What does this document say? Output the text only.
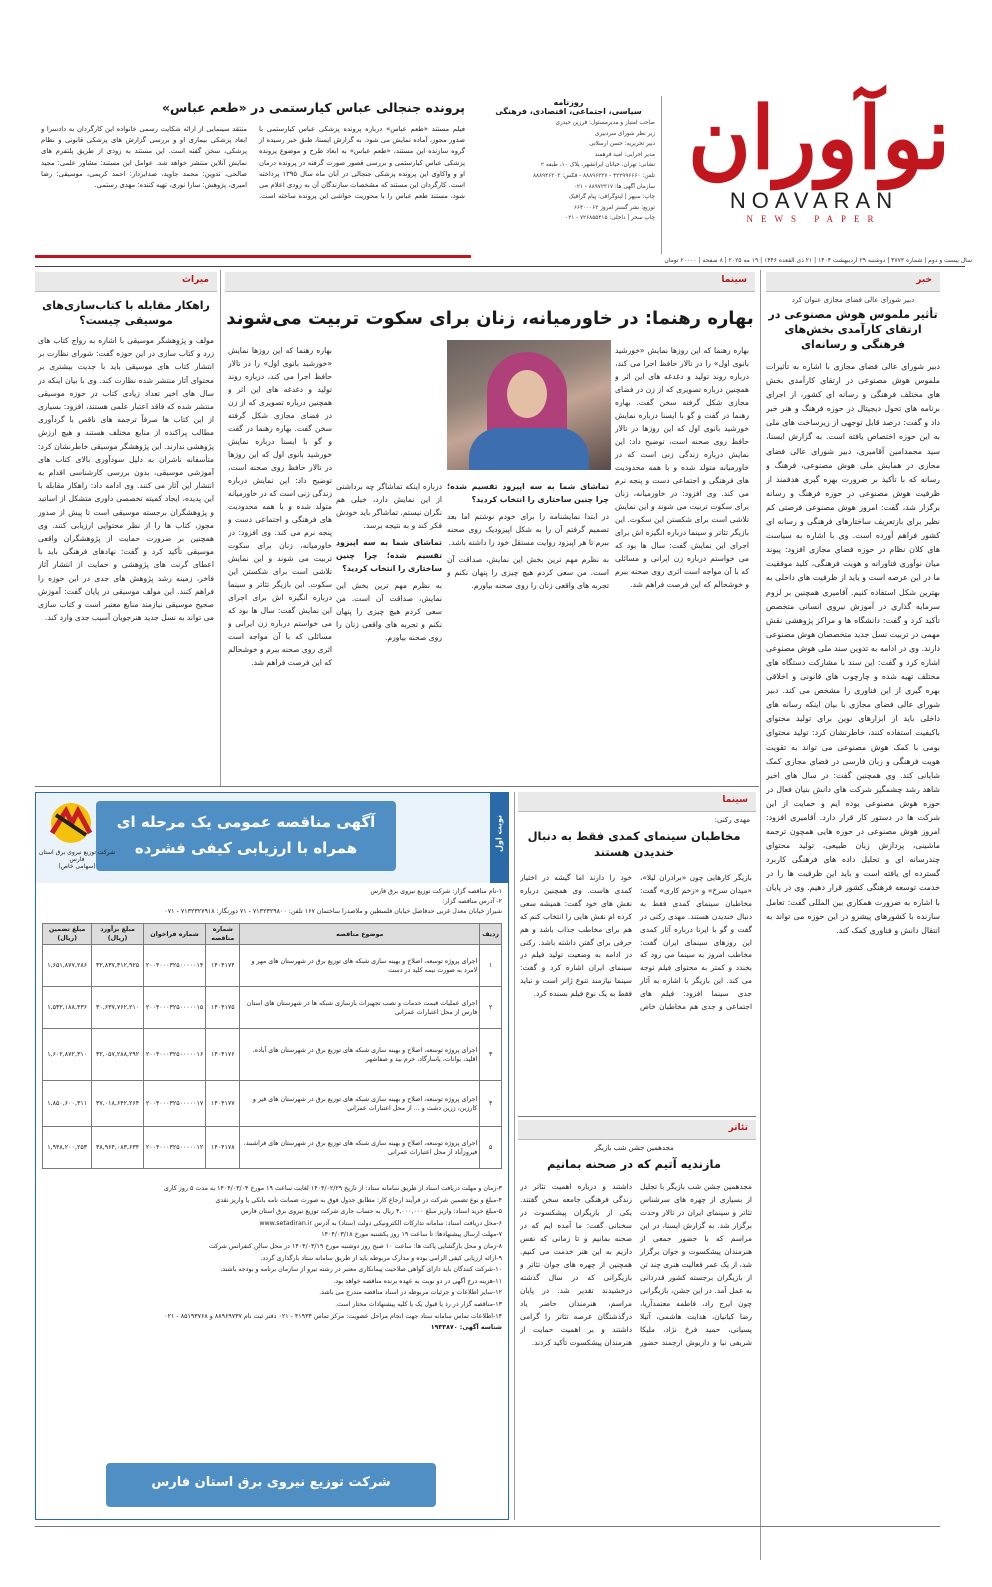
نوآوران
NOAVARAN
NEWS PAPER
روزنامه
سیاسی، اجتماعی، اقتصادی، فرهنگی
صاحب امتیاز و مدیرمسئول: فرزین حیدری
زیر نظر شورای سردبیری
دبیر تحریریه: حسن ارسلانی
مدیر اجرایی: امید فرهمند
نشانی: تهران، خیابان ایرانشهر، پلاک ۱۰، طبقه ۲
تلفن: ۴۲۲۹۹۶۶۶۰ - ۸۸۸۹۶۳۲۷ - فکس: ۸۸۸۹۴۶۳۰۳
سازمان آگهی ها: ۸۸۹۷۲۳۱۷ - ۰۲۱
چاپ: سپهر | لیتوگرافی: پیام گرافیک
توزیع: نشر گستر امروز ۶۶۴۰۰۰۶۳
چاپ سحر | داخلی: ۷۲۶۸۵۵۴۱۵ - ۰۲۱
پرونده جنجالی عباس کیارستمی در «طعم عباس»
فیلم مستند «طعم عباس» درباره پرونده پزشکی عباس کیارستمی با صدور مجوز، آماده نمایش می شود. به گزارش ایسنا، طبق خبر رسیده از گروه سازنده این مستند، «طعم عباس» به ابعاد طرح و موضوع پرونده پزشکی عباس کیارستمی و بررسی قصور صورت گرفته در پرونده درمان او و واکاوی این پرونده پزشکی جنجالی در آبان ماه سال ۱۳۹۵ پرداخته است. کارگردان این مستند که مشخصات سازندگان آن به زودی اعلام می شود، مستند طعم عباس را با محوریت حواشی این پرونده ساخته است. منتقد سینمایی از ارائه شکایت رسمی خانواده این کارگردان به دادسرا و ابعاد پزشکی بیماری او و بررسی گزارش های پزشکی قانونی و نظام پزشکی، سخن گفته است. این مستند به زودی از طریق پلتفرم های نمایش آنلاین منتشر خواهد شد. عوامل این مستند: مشاور علمی: مجید صالحی، تدوین: محمد جاوید، صدابردار: احمد کریمی، موسیقی: رضا امیری، پژوهش: سارا نوری، تهیه کننده: مهدی رستمی.
سال بیست و دوم | شماره ۴۷۷۳ | دوشنبه ۲۹ اردیبهشت ۱۴۰۴ | ۲۱ ذی القعده ۱۴۴۶ | ۱۹ مه ۲۰۲۵ | ۸ صفحه | ۲۰۰۰۰ تومان
خبر
دبیر شورای عالی فضای مجازی عنوان کرد
تأثیر ملموس هوش مصنوعی در ارتقای کارآمدی بخش‌های فرهنگی و رسانه‌ای
دبیر شورای عالی فضای مجازی با اشاره به تأثیرات ملموس هوش مصنوعی در ارتقای کارآمدی بخش های مختلف فرهنگی و رسانه ای کشور، از اجرای برنامه های تحول دیجیتال در حوزه فرهنگ و هنر خبر داد و گفت: درصد قابل توجهی از زیرساخت های ملی به این حوزه اختصاص یافته است. به گزارش ایسنا، سید محمدامین آقامیری، دبیر شورای عالی فضای مجازی در همایش ملی هوش مصنوعی، فرهنگ و رسانه که با تأکید بر ضرورت بهره گیری هدفمند از ظرفیت هوش مصنوعی در حوزه فرهنگ و رسانه برگزار شد، گفت: امروز هوش مصنوعی فرصتی کم نظیر برای بازتعریف ساختارهای فرهنگی و رسانه ای کشور فراهم آورده است. وی با اشاره به سیاست های کلان نظام در حوزه فضای مجازی افزود: پیوند میان نوآوری فناورانه و هویت فرهنگی، کلید موفقیت ما در این عرصه است و باید از ظرفیت های داخلی به بهترین شکل استفاده کنیم. آقامیری همچنین بر لزوم سرمایه گذاری در آموزش نیروی انسانی متخصص تأکید کرد و گفت: دانشگاه ها و مراکز پژوهشی نقش مهمی در تربیت نسل جدید متخصصان هوش مصنوعی دارند. وی در ادامه به تدوین سند ملی هوش مصنوعی اشاره کرد و گفت: این سند با مشارکت دستگاه های مختلف تهیه شده و چارچوب های قانونی و اخلاقی بهره گیری از این فناوری را مشخص می کند. دبیر شورای عالی فضای مجازی با بیان اینکه رسانه های داخلی باید از ابزارهای نوین برای تولید محتوای باکیفیت استفاده کنند، خاطرنشان کرد: تولید محتوای بومی با کمک هوش مصنوعی می تواند به تقویت هویت فرهنگی و زبان فارسی در فضای مجازی کمک شایانی کند. وی همچنین گفت: در سال های اخیر شاهد رشد چشمگیر شرکت های دانش بنیان فعال در حوزه هوش مصنوعی بوده ایم و حمایت از این شرکت ها در دستور کار قرار دارد. آقامیری افزود: امروز هوش مصنوعی در حوزه هایی همچون ترجمه ماشینی، پردازش زبان طبیعی، تولید محتوای چندرسانه ای و تحلیل داده های فرهنگی کاربرد گسترده ای یافته است و باید این ظرفیت ها را در خدمت توسعه فرهنگی کشور قرار دهیم. وی در پایان با اشاره به ضرورت همکاری بین المللی گفت: تعامل سازنده با کشورهای پیشرو در این حوزه می تواند به انتقال دانش و فناوری کمک کند.
سینما
بهاره رهنما: در خاورمیانه، زنان برای سکوت تربیت می‌شوند
بهاره رهنما که این روزها نمایش «خورشید بانوی اول» را در تالار حافظ اجرا می کند، درباره روند تولید و دغدغه های این اثر و همچنین درباره تصویری که از زن در فضای مجازی شکل گرفته سخن گفت. بهاره رهنما در گفت و گو با ایسنا درباره نمایش خورشید بانوی اول که این روزها در تالار حافظ روی صحنه است، توضیح داد: این نمایش درباره زندگی زنی است که در خاورمیانه متولد شده و با همه محدودیت های فرهنگی و اجتماعی دست و پنجه نرم می کند. وی افزود: در خاورمیانه، زنان برای سکوت تربیت می شوند و این نمایش تلاشی است برای شکستن این سکوت. این بازیگر تئاتر و سینما درباره انگیزه اش برای اجرای این نمایش گفت: سال ها بود که می خواستم درباره زن ایرانی و مسائلی که با آن مواجه است اثری روی صحنه ببرم و خوشحالم که این فرصت فراهم شد.
تماشای شما به سه اپیزود تقسیم شده؛ چرا چنین ساختاری را انتخاب کردید؟
در ابتدا نمایشنامه را برای خودم نوشتم اما بعد تصمیم گرفتم آن را به شکل اپیزودیک روی صحنه ببرم تا هر اپیزود روایت مستقل خود را داشته باشد.
به نظرم مهم ترین بخش این نمایش، صداقت آن است. من سعی کردم هیچ چیزی را پنهان نکنم و تجربه های واقعی زنان را روی صحنه بیاورم.
درباره اینکه تماشاگر چه برداشتی از این نمایش دارد، خیلی هم نگران نیستم. تماشاگر باید خودش فکر کند و به نتیجه برسد.
تماشای شما به سه اپیزود تقسیم شده؛ چرا چنین ساختاری را انتخاب کردید؟
به نظرم مهم ترین بخش این نمایش، صداقت آن است. من سعی کردم هیچ چیزی را پنهان نکنم و تجربه های واقعی زنان را روی صحنه بیاورم.
بهاره رهنما که این روزها نمایش «خورشید بانوی اول» را در تالار حافظ اجرا می کند، درباره روند تولید و دغدغه های این اثر و همچنین درباره تصویری که از زن در فضای مجازی شکل گرفته سخن گفت. بهاره رهنما در گفت و گو با ایسنا درباره نمایش خورشید بانوی اول که این روزها در تالار حافظ روی صحنه است، توضیح داد: این نمایش درباره زندگی زنی است که در خاورمیانه متولد شده و با همه محدودیت های فرهنگی و اجتماعی دست و پنجه نرم می کند. وی افزود: در خاورمیانه، زنان برای سکوت تربیت می شوند و این نمایش تلاشی است برای شکستن این سکوت. این بازیگر تئاتر و سینما درباره انگیزه اش برای اجرای این نمایش گفت: سال ها بود که می خواستم درباره زن ایرانی و مسائلی که با آن مواجه است اثری روی صحنه ببرم و خوشحالم که این فرصت فراهم شد.
میراث
راهکار مقابله با کتاب‌سازی‌های موسیقی چیست؟
مولف و پژوهشگر موسیقی با اشاره به رواج کتاب های زرد و کتاب سازی در این حوزه گفت: شورای نظارت بر انتشار کتاب های موسیقی باید با جدیت بیشتری بر محتوای آثار منتشر شده نظارت کند. وی با بیان اینکه در سال های اخیر تعداد زیادی کتاب در حوزه موسیقی منتشر شده که فاقد اعتبار علمی هستند، افزود: بسیاری از این کتاب ها صرفاً ترجمه های ناقص یا گردآوری مطالب پراکنده از منابع مختلف هستند و هیچ ارزش پژوهشی ندارند. این پژوهشگر موسیقی خاطرنشان کرد: متأسفانه ناشران به دلیل سودآوری بالای کتاب های آموزشی موسیقی، بدون بررسی کارشناسی اقدام به انتشار این آثار می کنند. وی ادامه داد: راهکار مقابله با این پدیده، ایجاد کمیته تخصصی داوری متشکل از اساتید و پژوهشگران برجسته موسیقی است تا پیش از صدور مجوز، کتاب ها را از نظر محتوایی ارزیابی کنند. وی همچنین بر ضرورت حمایت از پژوهشگران واقعی موسیقی تأکید کرد و گفت: نهادهای فرهنگی باید با اعطای گرنت های پژوهشی و حمایت از انتشار آثار فاخر، زمینه رشد پژوهش های جدی در این حوزه را فراهم کنند. این مولف موسیقی در پایان گفت: آموزش صحیح موسیقی نیازمند منابع معتبر است و کتاب سازی می تواند به نسل جدید هنرجویان آسیب جدی وارد کند.
نوبت اول
آگهی مناقصه عمومی یک مرحله ای همراه با ارزیابی کیفی فشرده
شرکت توزیع نیروی برق استان فارس
(سهامی خاص)
۱-نام مناقصه گزار: شرکت توزیع نیروی برق فارس
۲- آدرس مناقصه گزار:
شیراز خیابان معدل غربی حدفاصل خیابان فلسطین و ملاصدرا ساختمان ۱۶۷ تلفن: ۷۱۳۲۳۲۹۸۰۰ - ۷۱ دورنگار: ۷۱۳۲۳۲۷۹۱۸ - ۰۷۱
ردیف	موضوع مناقصه	شماره مناقصه	شماره فراخوان	مبلغ برآورد (ریال)	مبلغ تضمین (ریال)
۱	اجرای پروژه توسعه، اصلاح و بهینه سازی شبکه های توزیع برق در شهرستان های مهر و لامرد به صورت نیمه کلید در دست	۱۴۰۴۱۷۴	۲۰۰۴۰۰۰۳۲۵۰۰۰۰۰۱۴	۳۲,۸۳۷,۳۱۲,۹۲۵	۱,۶۵۱,۸۷۷,۲۸۶
۲	اجرای عملیات قیمت خدمات و نصب تجهیزات بازسازی شبکه ها در شهرستان های استان فارس از محل اعتبارات عمرانی	۱۴۰۴۱۷۵	۲۰۰۴۰۰۰۳۲۵۰۰۰۰۰۱۵	۳۰,۶۳۷,۷۶۲,۲۱۰	۱,۵۳۲,۱۸۸,۴۳۶
۳	اجرای پروژه توسعه، اصلاح و بهینه سازی شبکه های توزیع برق در شهرستان های آباده، اقلید، بوانات، پاسارگاد، خرم بید و صفاشهر	۱۴۰۴۱۷۶	۲۰۰۴۰۰۰۳۲۵۰۰۰۰۰۱۶	۳۲,۰۵۷,۲۸۸,۲۹۲	۱,۶۰۲,۸۷۲,۳۱۰
۴	اجرای پروژه توسعه، اصلاح و بهینه سازی شبکه های توزیع برق در شهرستان های قیر و کارزین، زرین دشت و ... از محل اعتبارات عمرانی	۱۴۰۴۱۷۷	۲۰۰۴۰۰۰۳۲۵۰۰۰۰۰۱۷	۳۷,۰۱۸,۶۴۲,۲۶۴	۱,۸۵۰,۶۰۰,۳۱۱
۵	اجرای پروژه توسعه، اصلاح و بهینه سازی شبکه های توزیع برق در شهرستان های فراشبند، فیروزآباد از محل اعتبارات عمرانی	۱۴۰۴۱۷۸	۲۰۰۴۰۰۰۳۲۵۰۰۰۰۰۱۲	۳۸,۹۶۴,۰۸۳,۶۳۴	۱,۹۴۸,۲۰۰,۲۵۳
۳-زمان و مهلت دریافت اسناد از طریق سامانه ستاد: از تاریخ ۱۴۰۴/۰۲/۲۹ لغایت ساعت ۱۹ مورخ ۱۴۰۴/۰۳/۰۴ به مدت ۵ روز کاری
۴-مبلغ و نوع تضمین شرکت در فرآیند ارجاع کار: مطابق جدول فوق به صورت ضمانت نامه بانکی یا واریز نقدی
۵-مبلغ خرید اسناد: واریز مبلغ ۴,۰۰۰,۰۰۰ ریال به حساب جاری شرکت توزیع نیروی برق استان فارس
۶-محل دریافت اسناد: سامانه تدارکات الکترونیکی دولت (ستاد) به آدرس www.setadiran.ir
۷-مهلت ارسال پیشنهادها: تا ساعت ۱۹ روز یکشنبه مورخ ۱۴۰۴/۰۳/۱۸
۸-زمان و محل بازگشایی پاکت ها: ساعت ۱۰ صبح روز دوشنبه مورخ ۱۴۰۴/۰۳/۱۹ در محل سالن کنفرانس شرکت
۹-ارائه ارزیابی کیفی الزامی بوده و مدارک مربوطه باید از طریق سامانه ستاد بارگذاری گردد.
۱۰-شرکت کنندگان باید دارای گواهی صلاحیت پیمانکاری معتبر در رشته نیرو از سازمان برنامه و بودجه باشند.
۱۱-هزینه درج آگهی در دو نوبت به عهده برنده مناقصه خواهد بود.
۱۲-سایر اطلاعات و جزئیات مربوطه در اسناد مناقصه مندرج می باشد.
۱۳-مناقصه گزار در رد یا قبول یک یا کلیه پیشنهادات مختار است.
۱۴-اطلاعات تماس سامانه ستاد جهت انجام مراحل عضویت: مرکز تماس ۴۱۹۳۴ - ۰۲۱ دفتر ثبت نام ۸۸۹۶۹۷۳۷ و ۸۵۱۹۳۷۶۸ - ۰۲۱
شناسه آگهی: ۱۹۳۳۸۷۰
شرکت توزیع نیروی برق استان فارس
سینما
مهدی رکنی:
مخاطبان سینمای کمدی فقط به دنبال خندیدن هستند
بازیگر کارهایی چون «برادران لیلا»، «میدان سرخ» و «زخم کاری» گفت: مخاطبان سینمای کمدی فقط به دنبال خندیدن هستند. مهدی رکنی در گفت و گو با ایرنا درباره آثار کمدی این روزهای سینمای ایران گفت: مخاطب امروز به سینما می رود که بخندد و کمتر به محتوای فیلم توجه می کند. این بازیگر با اشاره به آثار جدی سینما افزود: فیلم های اجتماعی و جدی هم مخاطبان خاص خود را دارند اما گیشه در اختیار کمدی هاست. وی همچنین درباره نقش های خود گفت: همیشه سعی کرده ام نقش هایی را انتخاب کنم که هم برای مخاطب جذاب باشد و هم حرفی برای گفتن داشته باشد. رکنی در ادامه به وضعیت تولید فیلم در سینمای ایران اشاره کرد و گفت: سینما نیازمند تنوع ژانر است و نباید فقط به یک نوع فیلم بسنده کرد.
تئاتر
مجدهمین جشن شب بازیگر
مازندیه آتیم که در صحنه بمانیم
مجدهمین جشن شب بازیگر با تجلیل از بسیاری از چهره های سرشناس تئاتر و سینمای ایران در تالار وحدت برگزار شد. به گزارش ایسنا، در این مراسم که با حضور جمعی از هنرمندان پیشکسوت و جوان برگزار شد، از یک عمر فعالیت هنری چند تن از بازیگران برجسته کشور قدردانی به عمل آمد. در این جشن، بازیگرانی چون ایرج راد، فاطمه معتمدآریا، رضا کیانیان، هدایت هاشمی، آتیلا پسیانی، حمید فرخ نژاد، ملیکا شریفی نیا و داریوش ارجمند حضور داشتند و درباره اهمیت تئاتر در زندگی فرهنگی جامعه سخن گفتند. یکی از بازیگران پیشکسوت در سخنانی گفت: ما آمده ایم که در صحنه بمانیم و تا زمانی که نفس داریم به این هنر خدمت می کنیم. همچنین از چهره های جوان تئاتر و بازیگرانی که در سال گذشته درخشیدند تقدیر شد. در پایان مراسم، هنرمندان حاضر یاد درگذشتگان عرصه تئاتر را گرامی داشتند و بر اهمیت حمایت از هنرمندان پیشکسوت تأکید کردند.
